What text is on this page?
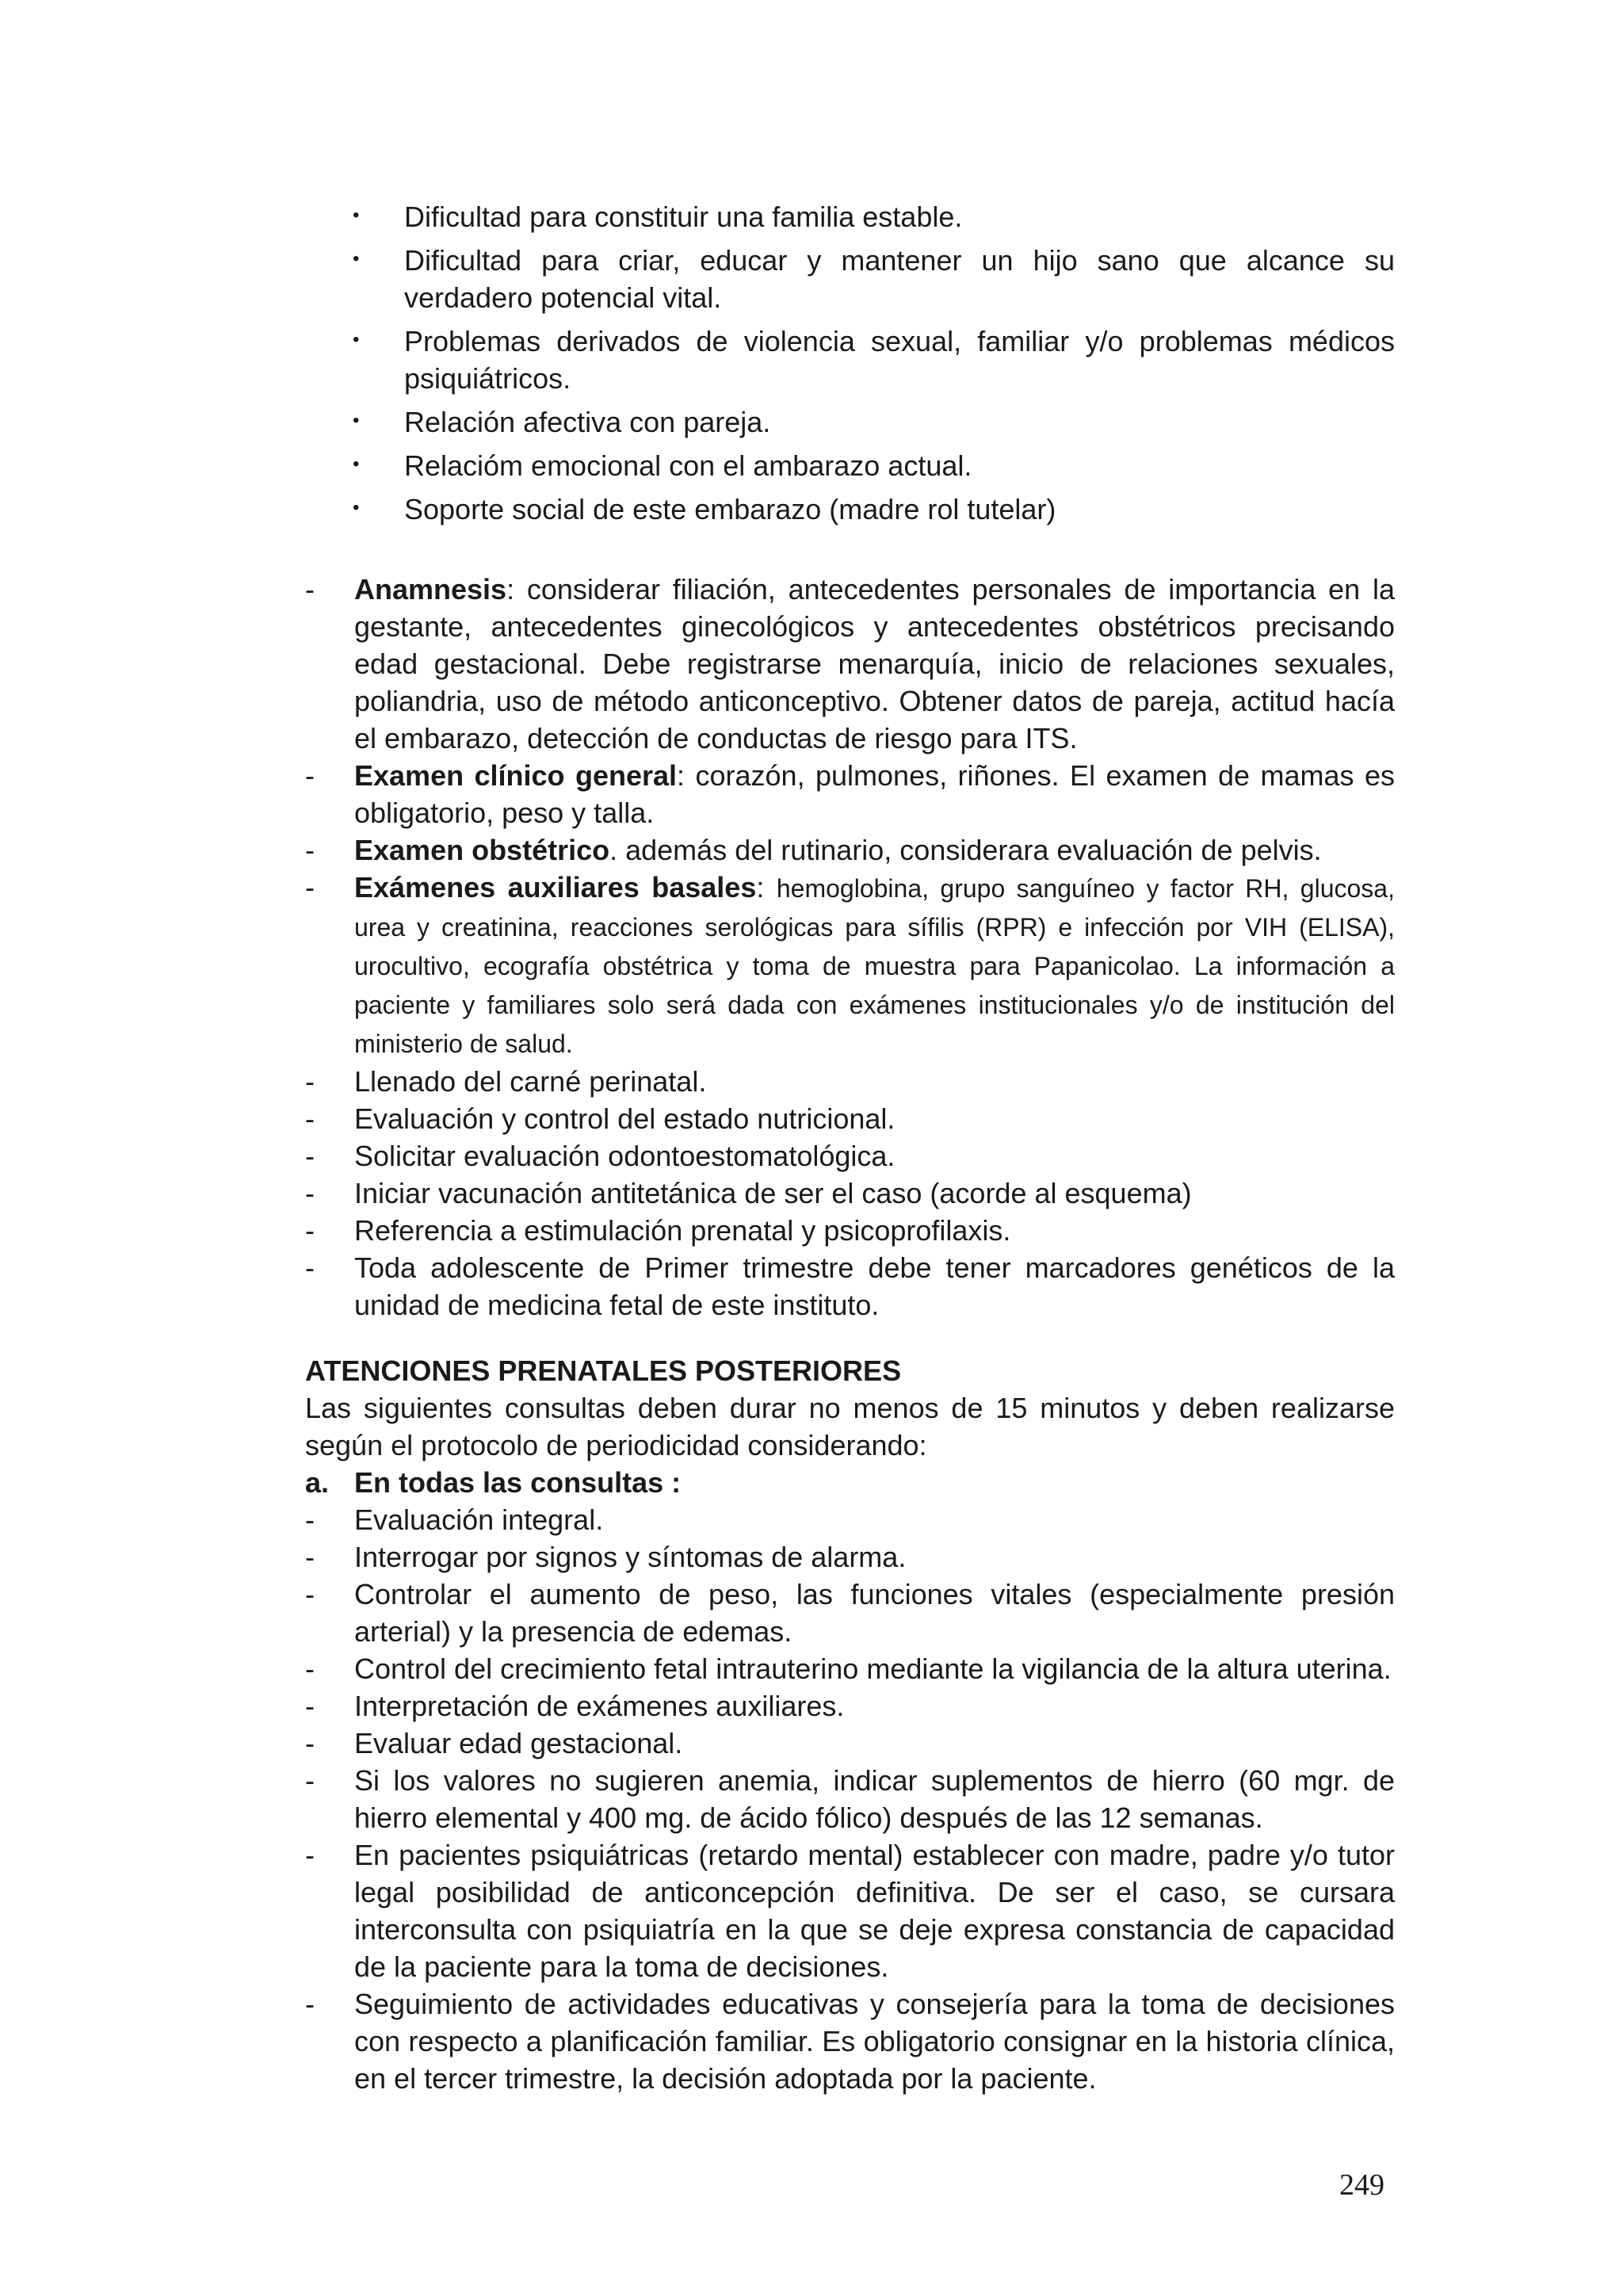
• Dificultad para constituir una familia estable.
• Dificultad para criar, educar y mantener un hijo sano que alcance su verdadero potencial vital.
• Problemas derivados de violencia sexual, familiar y/o problemas médicos psiquiátricos.
• Relación afectiva con pareja.
• Relacióm emocional con el ambarazo actual.
• Soporte social de este embarazo (madre rol tutelar)
- Anamnesis: considerar filiación, antecedentes personales de importancia en la gestante, antecedentes ginecológicos y antecedentes obstétricos precisando edad gestacional. Debe registrarse menarquía, inicio de relaciones sexuales, poliandria, uso de método anticonceptivo. Obtener datos de pareja, actitud hacía el embarazo, detección de conductas de riesgo para ITS.
- Examen clínico general: corazón, pulmones, riñones. El examen de mamas es obligatorio, peso y talla.
- Examen obstétrico. además del rutinario, considerara evaluación de pelvis.
- Exámenes auxiliares basales: hemoglobina, grupo sanguíneo y factor RH, glucosa, urea y creatinina, reacciones serológicas para sífilis (RPR) e infección por VIH (ELISA), urocultivo, ecografía obstétrica y toma de muestra para Papanicolao. La información a paciente y familiares solo será dada con exámenes institucionales y/o de institución del ministerio de salud.
- Llenado del carné perinatal.
- Evaluación y control del estado nutricional.
- Solicitar evaluación odontoestomatológica.
- Iniciar vacunación antitetánica de ser el caso (acorde al esquema)
- Referencia a estimulación prenatal y psicoprofilaxis.
- Toda adolescente de Primer trimestre debe tener marcadores genéticos de la unidad de medicina fetal de este instituto.
ATENCIONES PRENATALES POSTERIORES
Las siguientes consultas deben durar no menos de 15 minutos y deben realizarse según el protocolo de periodicidad considerando:
a. En todas las consultas :
- Evaluación integral.
- Interrogar por signos y síntomas de alarma.
- Controlar el aumento de peso, las funciones vitales (especialmente presión arterial) y la presencia de edemas.
- Control del crecimiento fetal intrauterino mediante la vigilancia de la altura uterina.
- Interpretación de exámenes auxiliares.
- Evaluar edad gestacional.
- Si los valores no sugieren anemia, indicar suplementos de hierro (60 mgr. de hierro elemental y 400 mg. de ácido fólico) después de las 12 semanas.
- En pacientes psiquiátricas (retardo mental) establecer con madre, padre y/o tutor legal posibilidad de anticoncepción definitiva. De ser el caso, se cursara interconsulta con psiquiatría en la que se deje expresa constancia de capacidad de la paciente para la toma de decisiones.
- Seguimiento de actividades educativas y consejería para la toma de decisiones con respecto a planificación familiar. Es obligatorio consignar en la historia clínica, en el tercer trimestre, la decisión adoptada por la paciente.
249
